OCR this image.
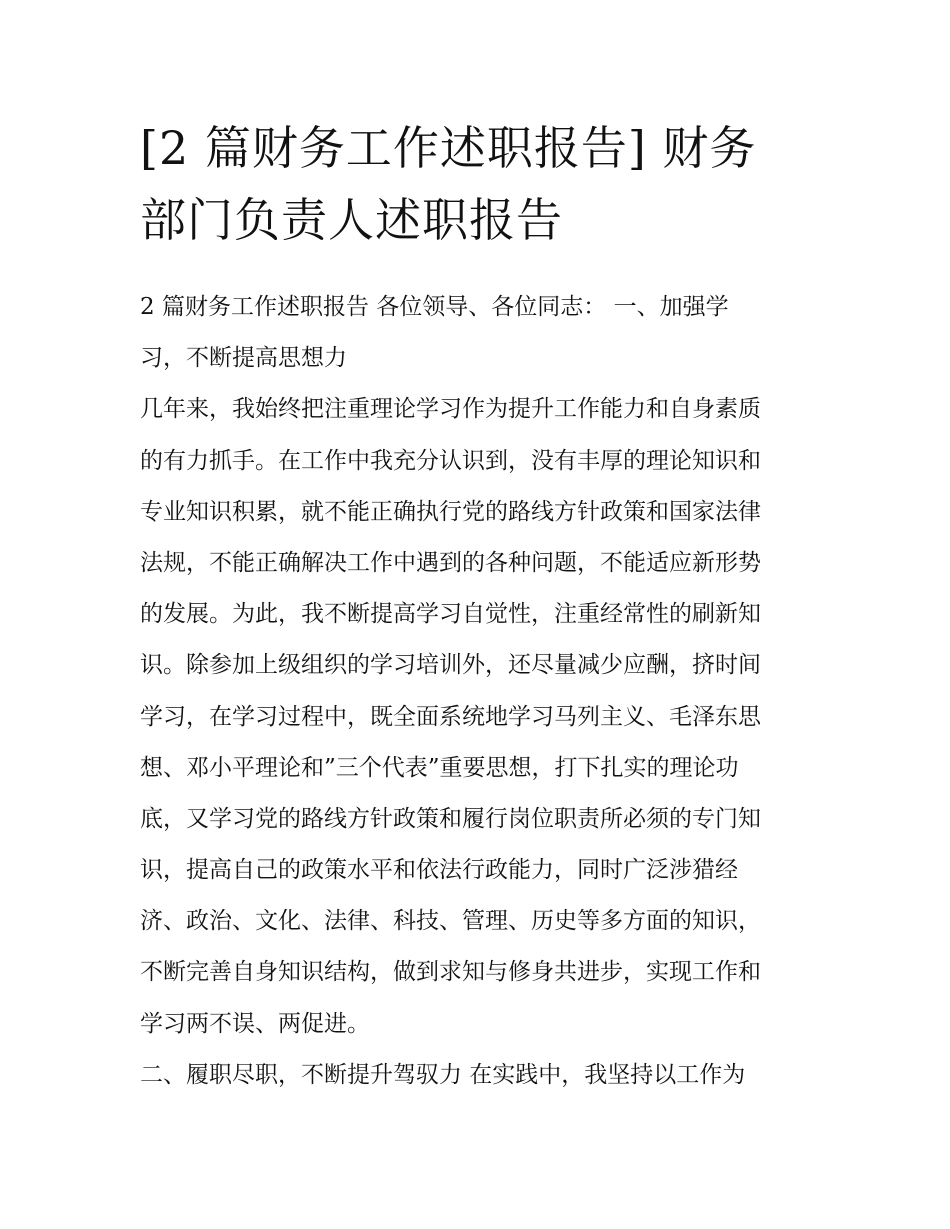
[2 篇财务工作述职报告] 财务
部门负责人述职报告
2 篇财务工作述职报告 各位领导、各位同志： 一、加强学
习，不断提高思想力
几年来，我始终把注重理论学习作为提升工作能力和自身素质
的有力抓手。在工作中我充分认识到，没有丰厚的理论知识和
专业知识积累，就不能正确执行党的路线方针政策和国家法律
法规，不能正确解决工作中遇到的各种问题，不能适应新形势
的发展。为此，我不断提高学习自觉性，注重经常性的刷新知
识。除参加上级组织的学习培训外，还尽量减少应酬，挤时间
学习，在学习过程中，既全面系统地学习马列主义、毛泽东思
想、邓小平理论和”三个代表”重要思想，打下扎实的理论功
底，又学习党的路线方针政策和履行岗位职责所必须的专门知
识，提高自己的政策水平和依法行政能力，同时广泛涉猎经
济、政治、文化、法律、科技、管理、历史等多方面的知识，
不断完善自身知识结构，做到求知与修身共进步，实现工作和
学习两不误、两促进。
二、履职尽职，不断提升驾驭力 在实践中，我坚持以工作为
